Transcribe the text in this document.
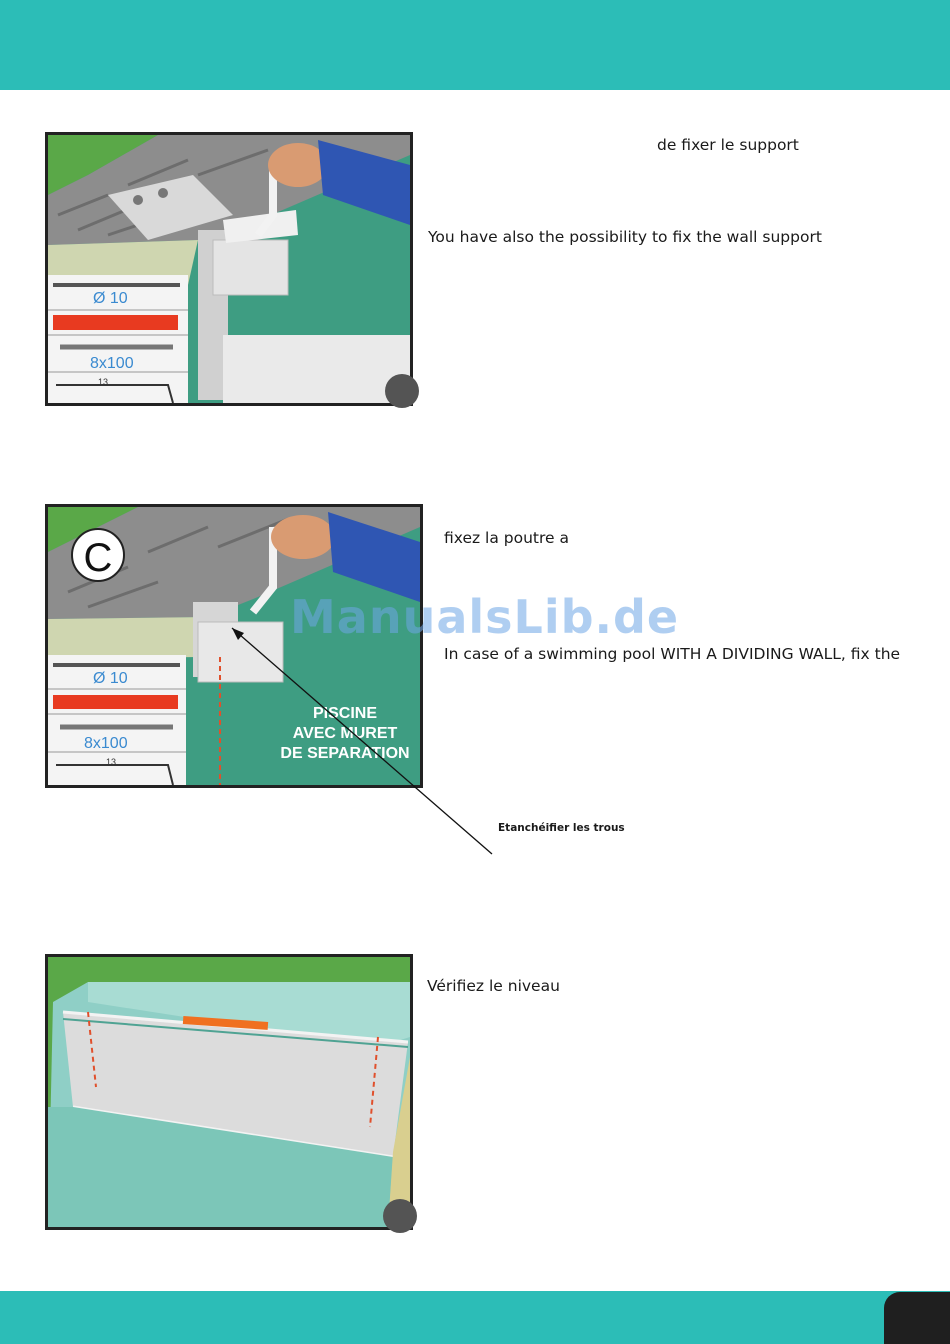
Ø 10
8x100
13
de fixer le support
You have also the possibility to fix the wall support
C
Ø 10
8x100
13
PISCINE
AVEC MURET
DE SEPARATION
fixez la poutre a
In case of a swimming pool WITH A DIVIDING WALL, fix the
Etanchéifier les trous
ManualsLib.de
Vérifiez le niveau
